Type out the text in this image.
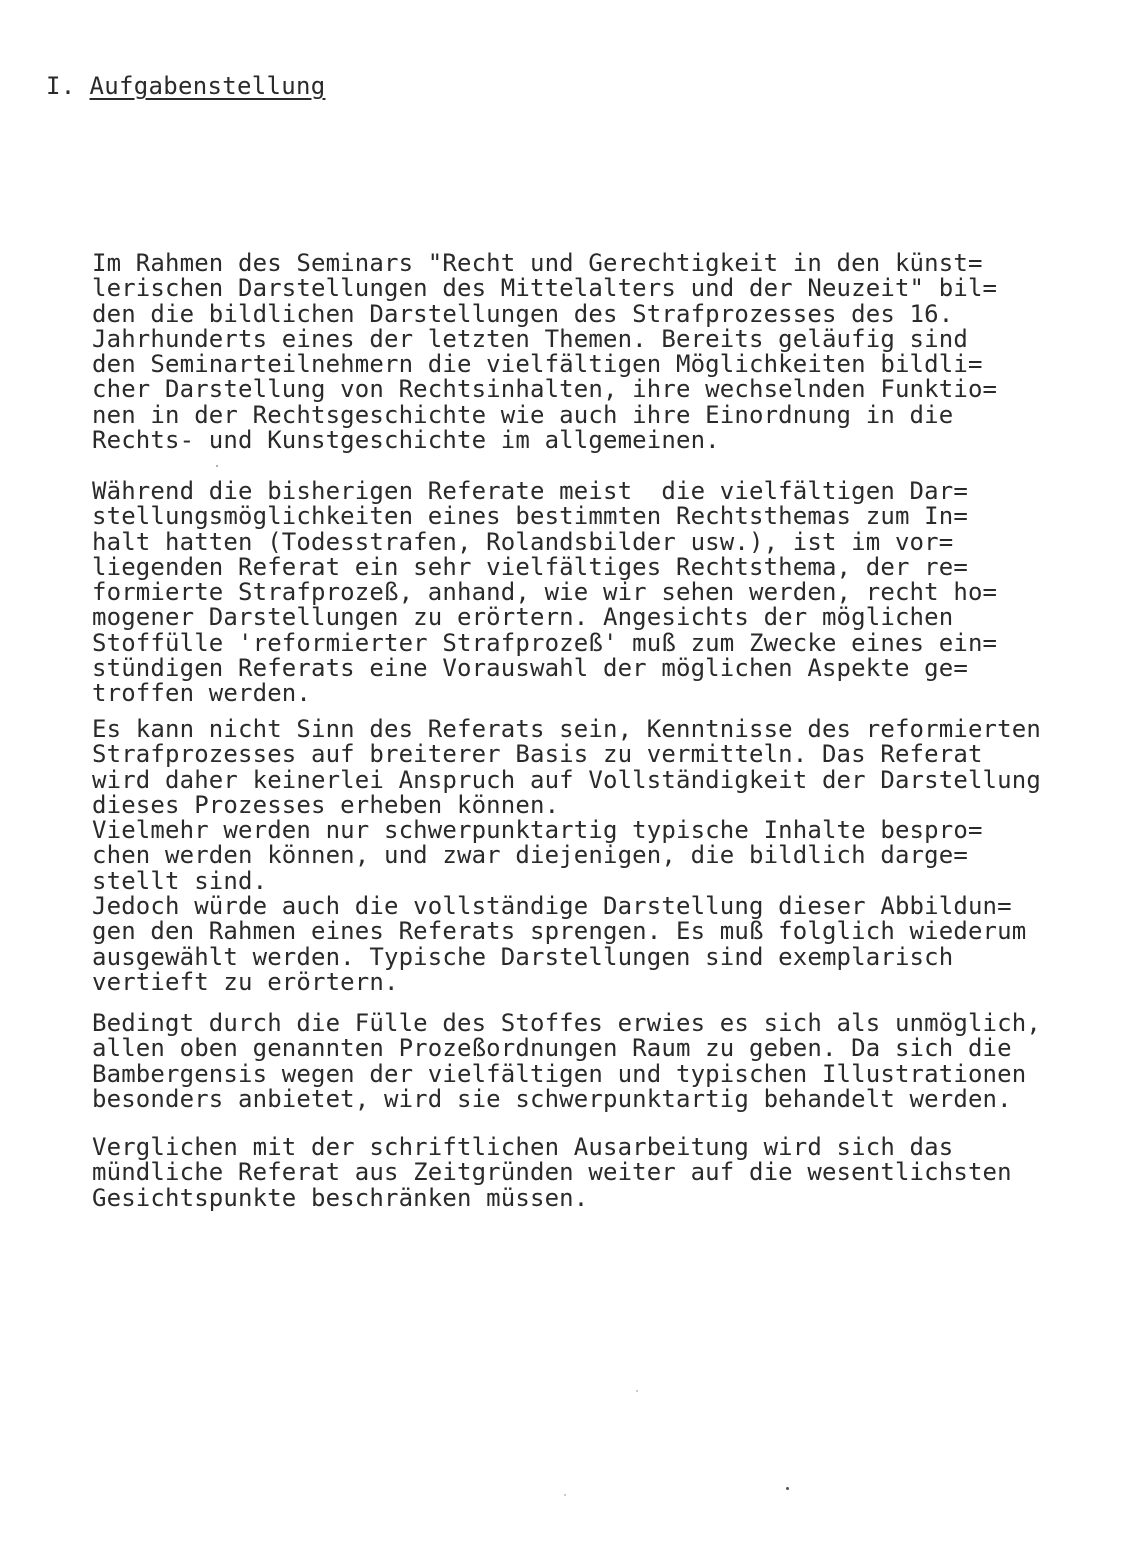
I. Aufgabenstellung
Im Rahmen des Seminars "Recht und Gerechtigkeit in den künst=
lerischen Darstellungen des Mittelalters und der Neuzeit" bil=
den die bildlichen Darstellungen des Strafprozesses des 16.
Jahrhunderts eines der letzten Themen. Bereits geläufig sind
den Seminarteilnehmern die vielfältigen Möglichkeiten bildli=
cher Darstellung von Rechtsinhalten, ihre wechselnden Funktio=
nen in der Rechtsgeschichte wie auch ihre Einordnung in die
Rechts- und Kunstgeschichte im allgemeinen.
Während die bisherigen Referate meist  die vielfältigen Dar=
stellungsmöglichkeiten eines bestimmten Rechtsthemas zum In=
halt hatten (Todesstrafen, Rolandsbilder usw.), ist im vor=
liegenden Referat ein sehr vielfältiges Rechtsthema, der re=
formierte Strafprozeß, anhand, wie wir sehen werden, recht ho=
mogener Darstellungen zu erörtern. Angesichts der möglichen
Stoffülle 'reformierter Strafprozeß' muß zum Zwecke eines ein=
stündigen Referats eine Vorauswahl der möglichen Aspekte ge=
troffen werden.
Es kann nicht Sinn des Referats sein, Kenntnisse des reformierten
Strafprozesses auf breiterer Basis zu vermitteln. Das Referat
wird daher keinerlei Anspruch auf Vollständigkeit der Darstellung
dieses Prozesses erheben können.
Vielmehr werden nur schwerpunktartig typische Inhalte bespro=
chen werden können, und zwar diejenigen, die bildlich darge=
stellt sind.
Jedoch würde auch die vollständige Darstellung dieser Abbildun=
gen den Rahmen eines Referats sprengen. Es muß folglich wiederum
ausgewählt werden. Typische Darstellungen sind exemplarisch
vertieft zu erörtern.
Bedingt durch die Fülle des Stoffes erwies es sich als unmöglich,
allen oben genannten Prozeßordnungen Raum zu geben. Da sich die
Bambergensis wegen der vielfältigen und typischen Illustrationen
besonders anbietet, wird sie schwerpunktartig behandelt werden.
Verglichen mit der schriftlichen Ausarbeitung wird sich das
mündliche Referat aus Zeitgründen weiter auf die wesentlichsten
Gesichtspunkte beschränken müssen.
